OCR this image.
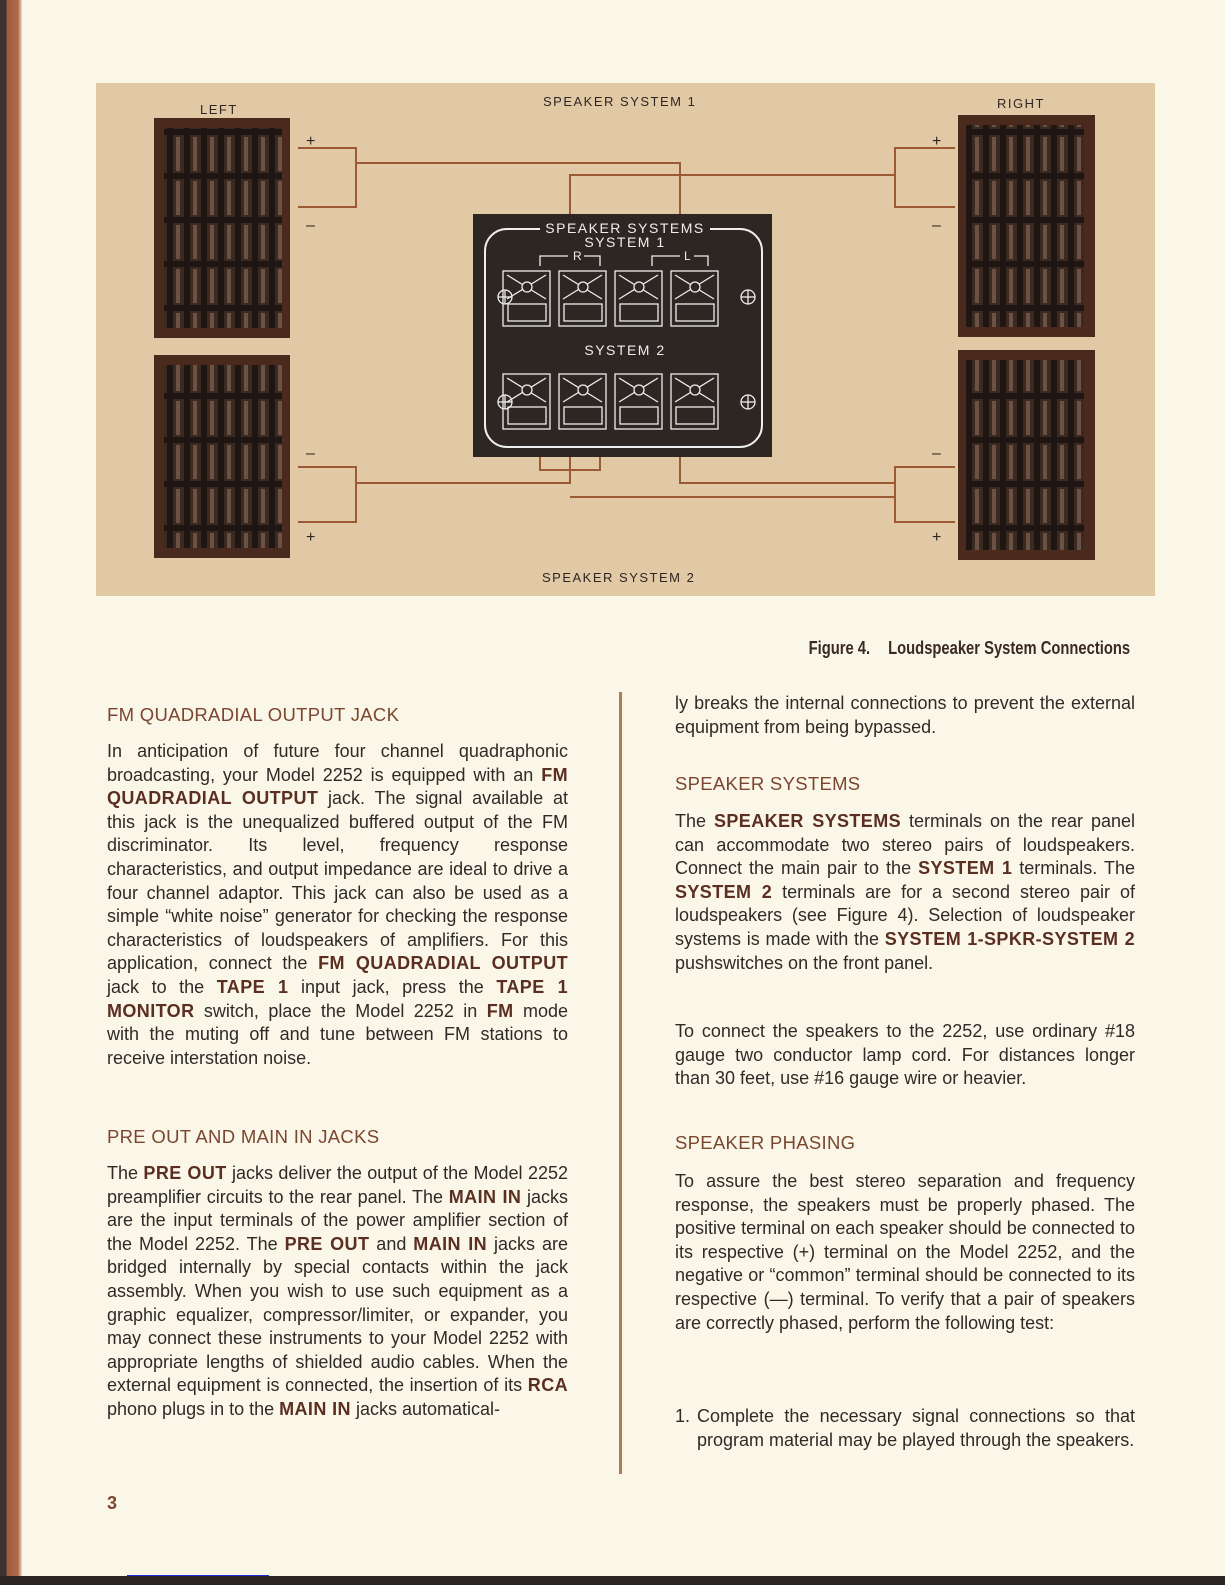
LEFT	RIGHT
SPEAKER SYSTEM 1
SPEAKER SYSTEM 2
+
–
–
+
+
–
–
+
SPEAKER SYSTEMS
SYSTEM 1
R	L
SYSTEM 2
Figure 4. Loudspeaker System Connections
FM QUADRADIAL OUTPUT JACK
In anticipation of future four channel quadraphonic broadcasting, your Model 2252 is equipped with an FM QUADRADIAL OUTPUT jack. The signal available at this jack is the unequalized buffered output of the FM discriminator. Its level, frequency response characteristics, and output impedance are ideal to drive a four channel adaptor. This jack can also be used as a simple “white noise” generator for checking the response characteristics of loudspeakers of amplifiers. For this application, connect the FM QUADRADIAL OUTPUT jack to the TAPE 1 input jack, press the TAPE 1 MONITOR switch, place the Model 2252 in FM mode with the muting off and tune between FM stations to receive interstation noise.
PRE OUT AND MAIN IN JACKS
The PRE OUT jacks deliver the output of the Model 2252 preamplifier circuits to the rear panel. The MAIN IN jacks are the input terminals of the power amplifier section of the Model 2252. The PRE OUT and MAIN IN jacks are bridged internally by special contacts within the jack assembly. When you wish to use such equipment as a graphic equalizer, compressor/limiter, or expander, you may connect these instruments to your Model 2252 with appropriate lengths of shielded audio cables. When the external equipment is connected, the insertion of its RCA phono plugs in to the MAIN IN jacks automatical-
ly breaks the internal connections to prevent the external equipment from being bypassed.
SPEAKER SYSTEMS
The SPEAKER SYSTEMS terminals on the rear panel can accommodate two stereo pairs of loudspeakers. Connect the main pair to the SYSTEM 1 terminals. The SYSTEM 2 terminals are for a second stereo pair of loudspeakers (see Figure 4). Selection of loudspeaker systems is made with the SYSTEM 1-SPKR-SYSTEM 2 pushswitches on the front panel.
To connect the speakers to the 2252, use ordinary #18 gauge two conductor lamp cord. For distances longer than 30 feet, use #16 gauge wire or heavier.
SPEAKER PHASING
To assure the best stereo separation and frequency response, the speakers must be properly phased. The positive terminal on each speaker should be connected to its respective (+) terminal on the Model 2252, and the negative or “common” terminal should be connected to its respective (—) terminal. To verify that a pair of speakers are correctly phased, perform the following test:
1. Complete the necessary signal connections so that program material may be played through the speakers.
3
